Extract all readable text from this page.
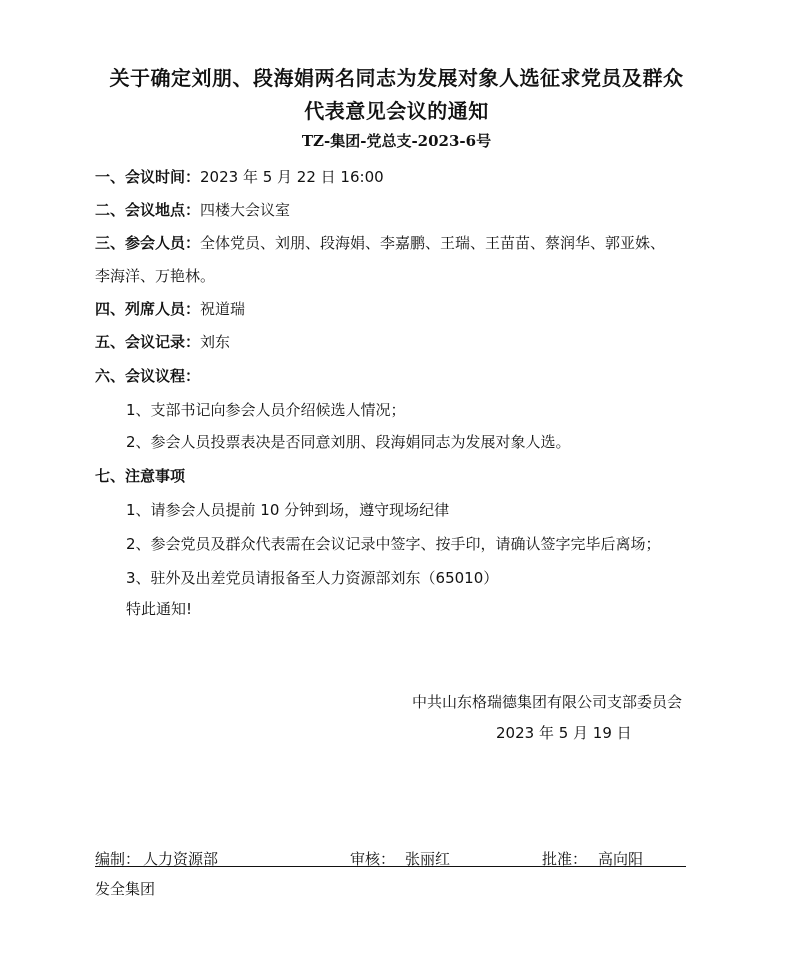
关于确定刘朋、段海娟两名同志为发展对象人选征求党员及群众
代表意见会议的通知
TZ-集团-党总支-2023-6号
一、会议时间：2023 年 5 月 22 日 16:00
二、会议地点：四楼大会议室
三、参会人员：全体党员、刘朋、段海娟、李嘉鹏、王瑞、王苗苗、蔡润华、郭亚姝、
李海洋、万艳林。
四、列席人员：祝道瑞
五、会议记录：刘东
六、会议议程：
1、支部书记向参会人员介绍候选人情况；
2、参会人员投票表决是否同意刘朋、段海娟同志为发展对象人选。
七、注意事项
1、请参会人员提前 10 分钟到场，遵守现场纪律
2、参会党员及群众代表需在会议记录中签字、按手印，请确认签字完毕后离场；
3、驻外及出差党员请报备至人力资源部刘东（65010）
特此通知!
中共山东格瑞德集团有限公司支部委员会
2023 年 5 月 19 日
编制： 人力资源部	审核： 张丽红	批准： 高向阳
发全集团
